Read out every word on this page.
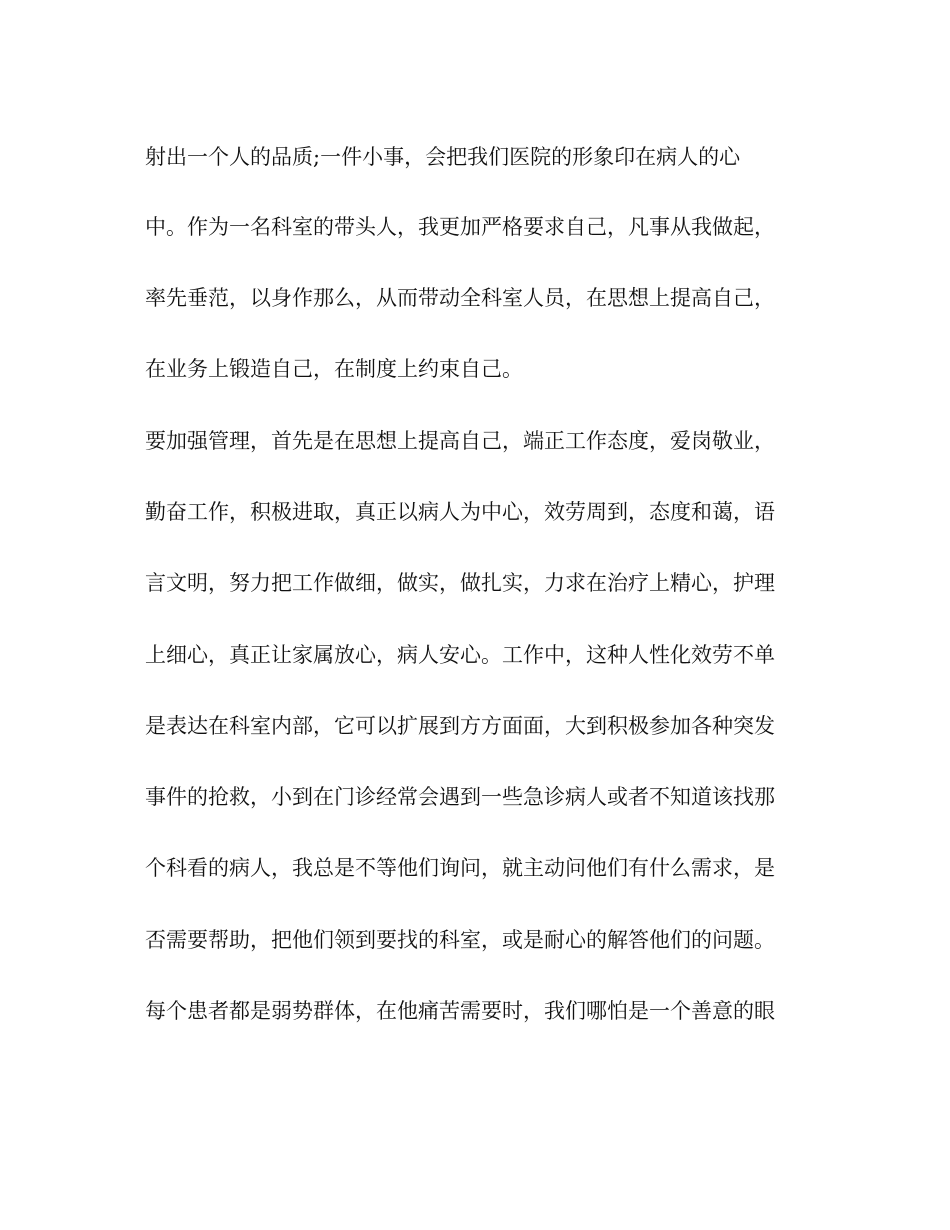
射出一个人的品质;一件小事，会把我们医院的形象印在病人的心
中。作为一名科室的带头人，我更加严格要求自己，凡事从我做起，
率先垂范，以身作那么，从而带动全科室人员，在思想上提高自己，
在业务上锻造自己，在制度上约束自己。
要加强管理，首先是在思想上提高自己，端正工作态度，爱岗敬业，
勤奋工作，积极进取，真正以病人为中心，效劳周到，态度和蔼，语
言文明，努力把工作做细，做实，做扎实，力求在治疗上精心，护理
上细心，真正让家属放心，病人安心。工作中，这种人性化效劳不单
是表达在科室内部，它可以扩展到方方面面，大到积极参加各种突发
事件的抢救，小到在门诊经常会遇到一些急诊病人或者不知道该找那
个科看的病人，我总是不等他们询问，就主动问他们有什么需求，是
否需要帮助，把他们领到要找的科室，或是耐心的解答他们的问题。
每个患者都是弱势群体，在他痛苦需要时，我们哪怕是一个善意的眼
